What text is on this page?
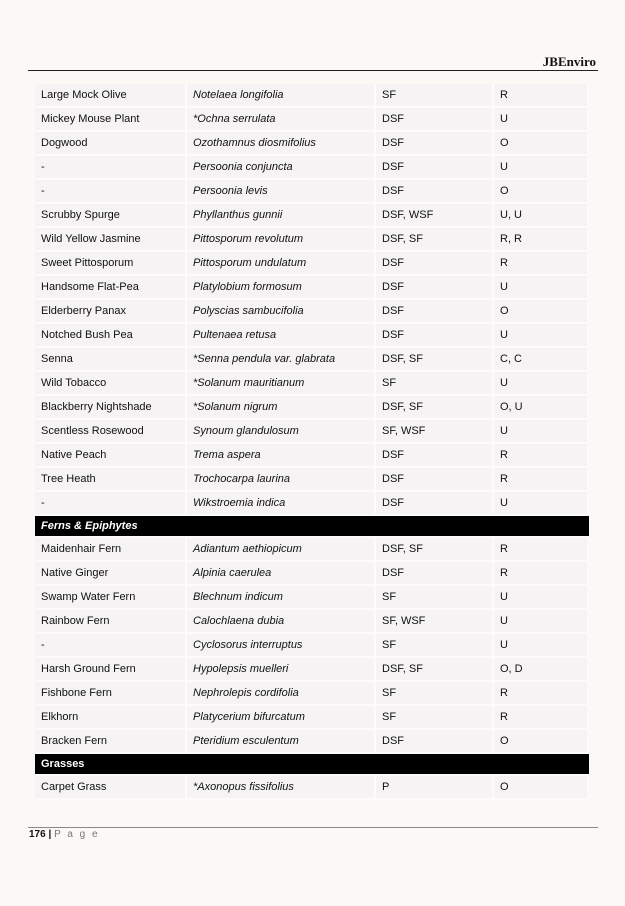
JBEnviro
Large Mock Olive	Notelaea longifolia	SF	R
Mickey Mouse Plant	*Ochna serrulata	DSF	U
Dogwood	Ozothamnus diosmifolius	DSF	O
-	Persoonia conjuncta	DSF	U
-	Persoonia levis	DSF	O
Scrubby Spurge	Phyllanthus gunnii	DSF, WSF	U, U
Wild Yellow Jasmine	Pittosporum revolutum	DSF, SF	R, R
Sweet Pittosporum	Pittosporum undulatum	DSF	R
Handsome Flat-Pea	Platylobium formosum	DSF	U
Elderberry Panax	Polyscias sambucifolia	DSF	O
Notched Bush Pea	Pultenaea retusa	DSF	U
Senna	*Senna pendula var. glabrata	DSF, SF	C, C
Wild Tobacco	*Solanum mauritianum	SF	U
Blackberry Nightshade	*Solanum nigrum	DSF, SF	O, U
Scentless Rosewood	Synoum glandulosum	SF, WSF	U
Native Peach	Trema aspera	DSF	R
Tree Heath	Trochocarpa laurina	DSF	R
-	Wikstroemia indica	DSF	U
Ferns & Epiphytes			
Maidenhair Fern	Adiantum aethiopicum	DSF, SF	R
Native Ginger	Alpinia caerulea	DSF	R
Swamp Water Fern	Blechnum indicum	SF	U
Rainbow Fern	Calochlaena dubia	SF, WSF	U
-	Cyclosorus interruptus	SF	U
Harsh Ground Fern	Hypolepsis muelleri	DSF, SF	O, D
Fishbone Fern	Nephrolepis cordifolia	SF	R
Elkhorn	Platycerium bifurcatum	SF	R
Bracken Fern	Pteridium esculentum	DSF	O
Grasses			
Carpet Grass	*Axonopus fissifolius	P	O
176 | P a g e
